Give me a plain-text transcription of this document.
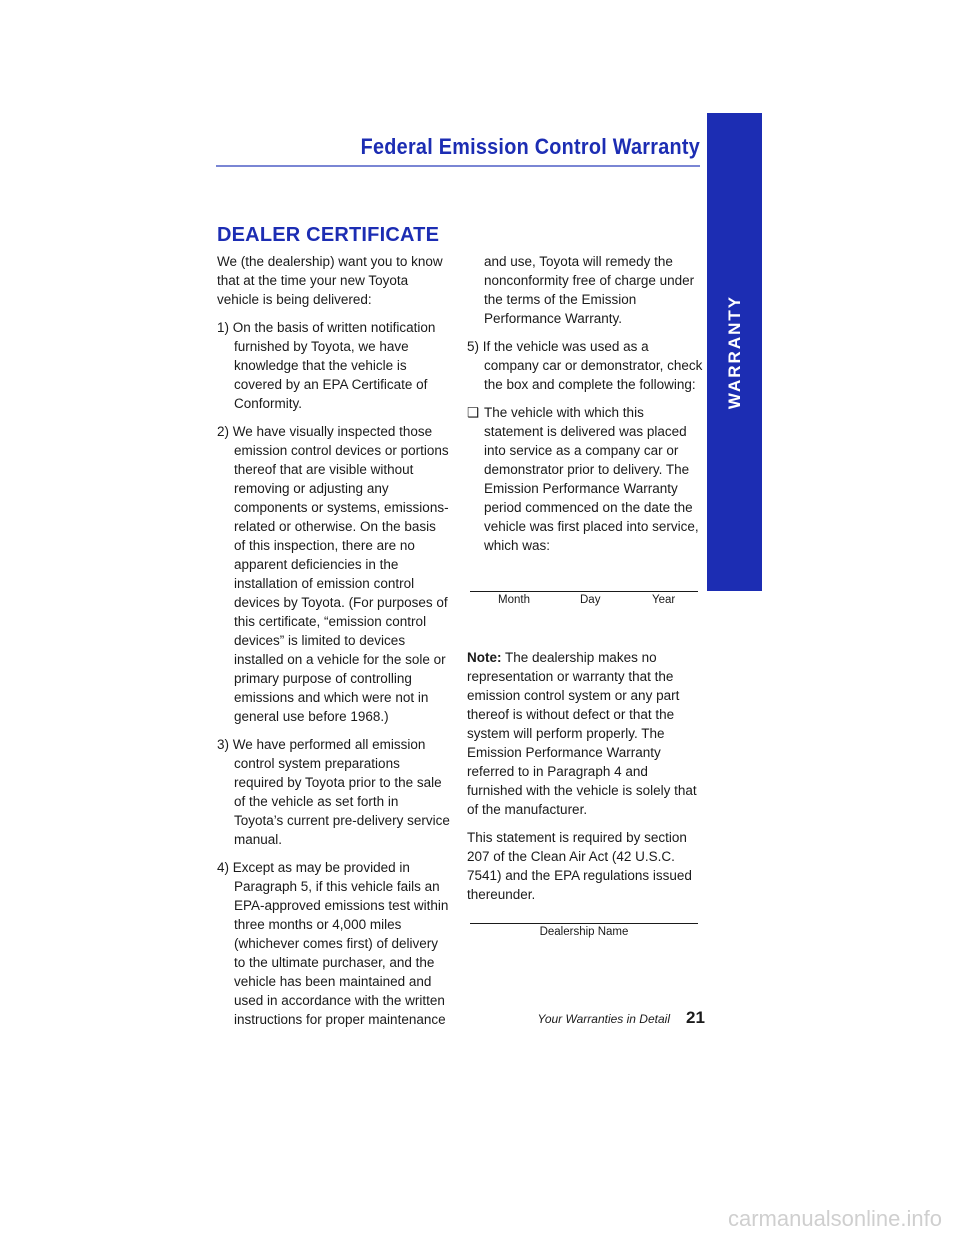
Federal Emission Control Warranty
WARRANTY
DEALER CERTIFICATE

We (the dealership) want you to know that at the time your new Toyota vehicle is being delivered:

1) On the basis of written notification furnished by Toyota, we have knowledge that the vehicle is covered by an EPA Certificate of Conformity.

2) We have visually inspected those emission control devices or portions thereof that are visible without removing or adjusting any components or systems, emissions-related or otherwise. On the basis of this inspection, there are no apparent deficiencies in the installation of emission control devices by Toyota. (For purposes of this certificate, “emission control devices” is limited to devices installed on a vehicle for the sole or primary purpose of controlling emissions and which were not in general use before 1968.)

3) We have performed all emission control system preparations required by Toyota prior to the sale of the vehicle as set forth in Toyota’s current pre-delivery service manual.

4) Except as may be provided in Paragraph 5, if this vehicle fails an EPA-approved emissions test within three months or 4,000 miles (whichever comes first) of delivery to the ultimate purchaser, and the vehicle has been maintained and used in accordance with the written instructions for proper maintenance

and use, Toyota will remedy the nonconformity free of charge under the terms of the Emission Performance Warranty.

5) If the vehicle was used as a company car or demonstrator, check the box and complete the following:

❑ The vehicle with which this statement is delivered was placed into service as a company car or demonstrator prior to delivery. The Emission Performance Warranty period commenced on the date the vehicle was first placed into service, which was:

Month	Day	Year

Note: The dealership makes no representation or warranty that the emission control system or any part thereof is without defect or that the system will perform properly. The Emission Performance Warranty referred to in Paragraph 4 and furnished with the vehicle is solely that of the manufacturer.

This statement is required by section 207 of the Clean Air Act (42 U.S.C. 7541) and the EPA regulations issued thereunder.

Dealership Name
Your Warranties in Detail 21
carmanualsonline.info
